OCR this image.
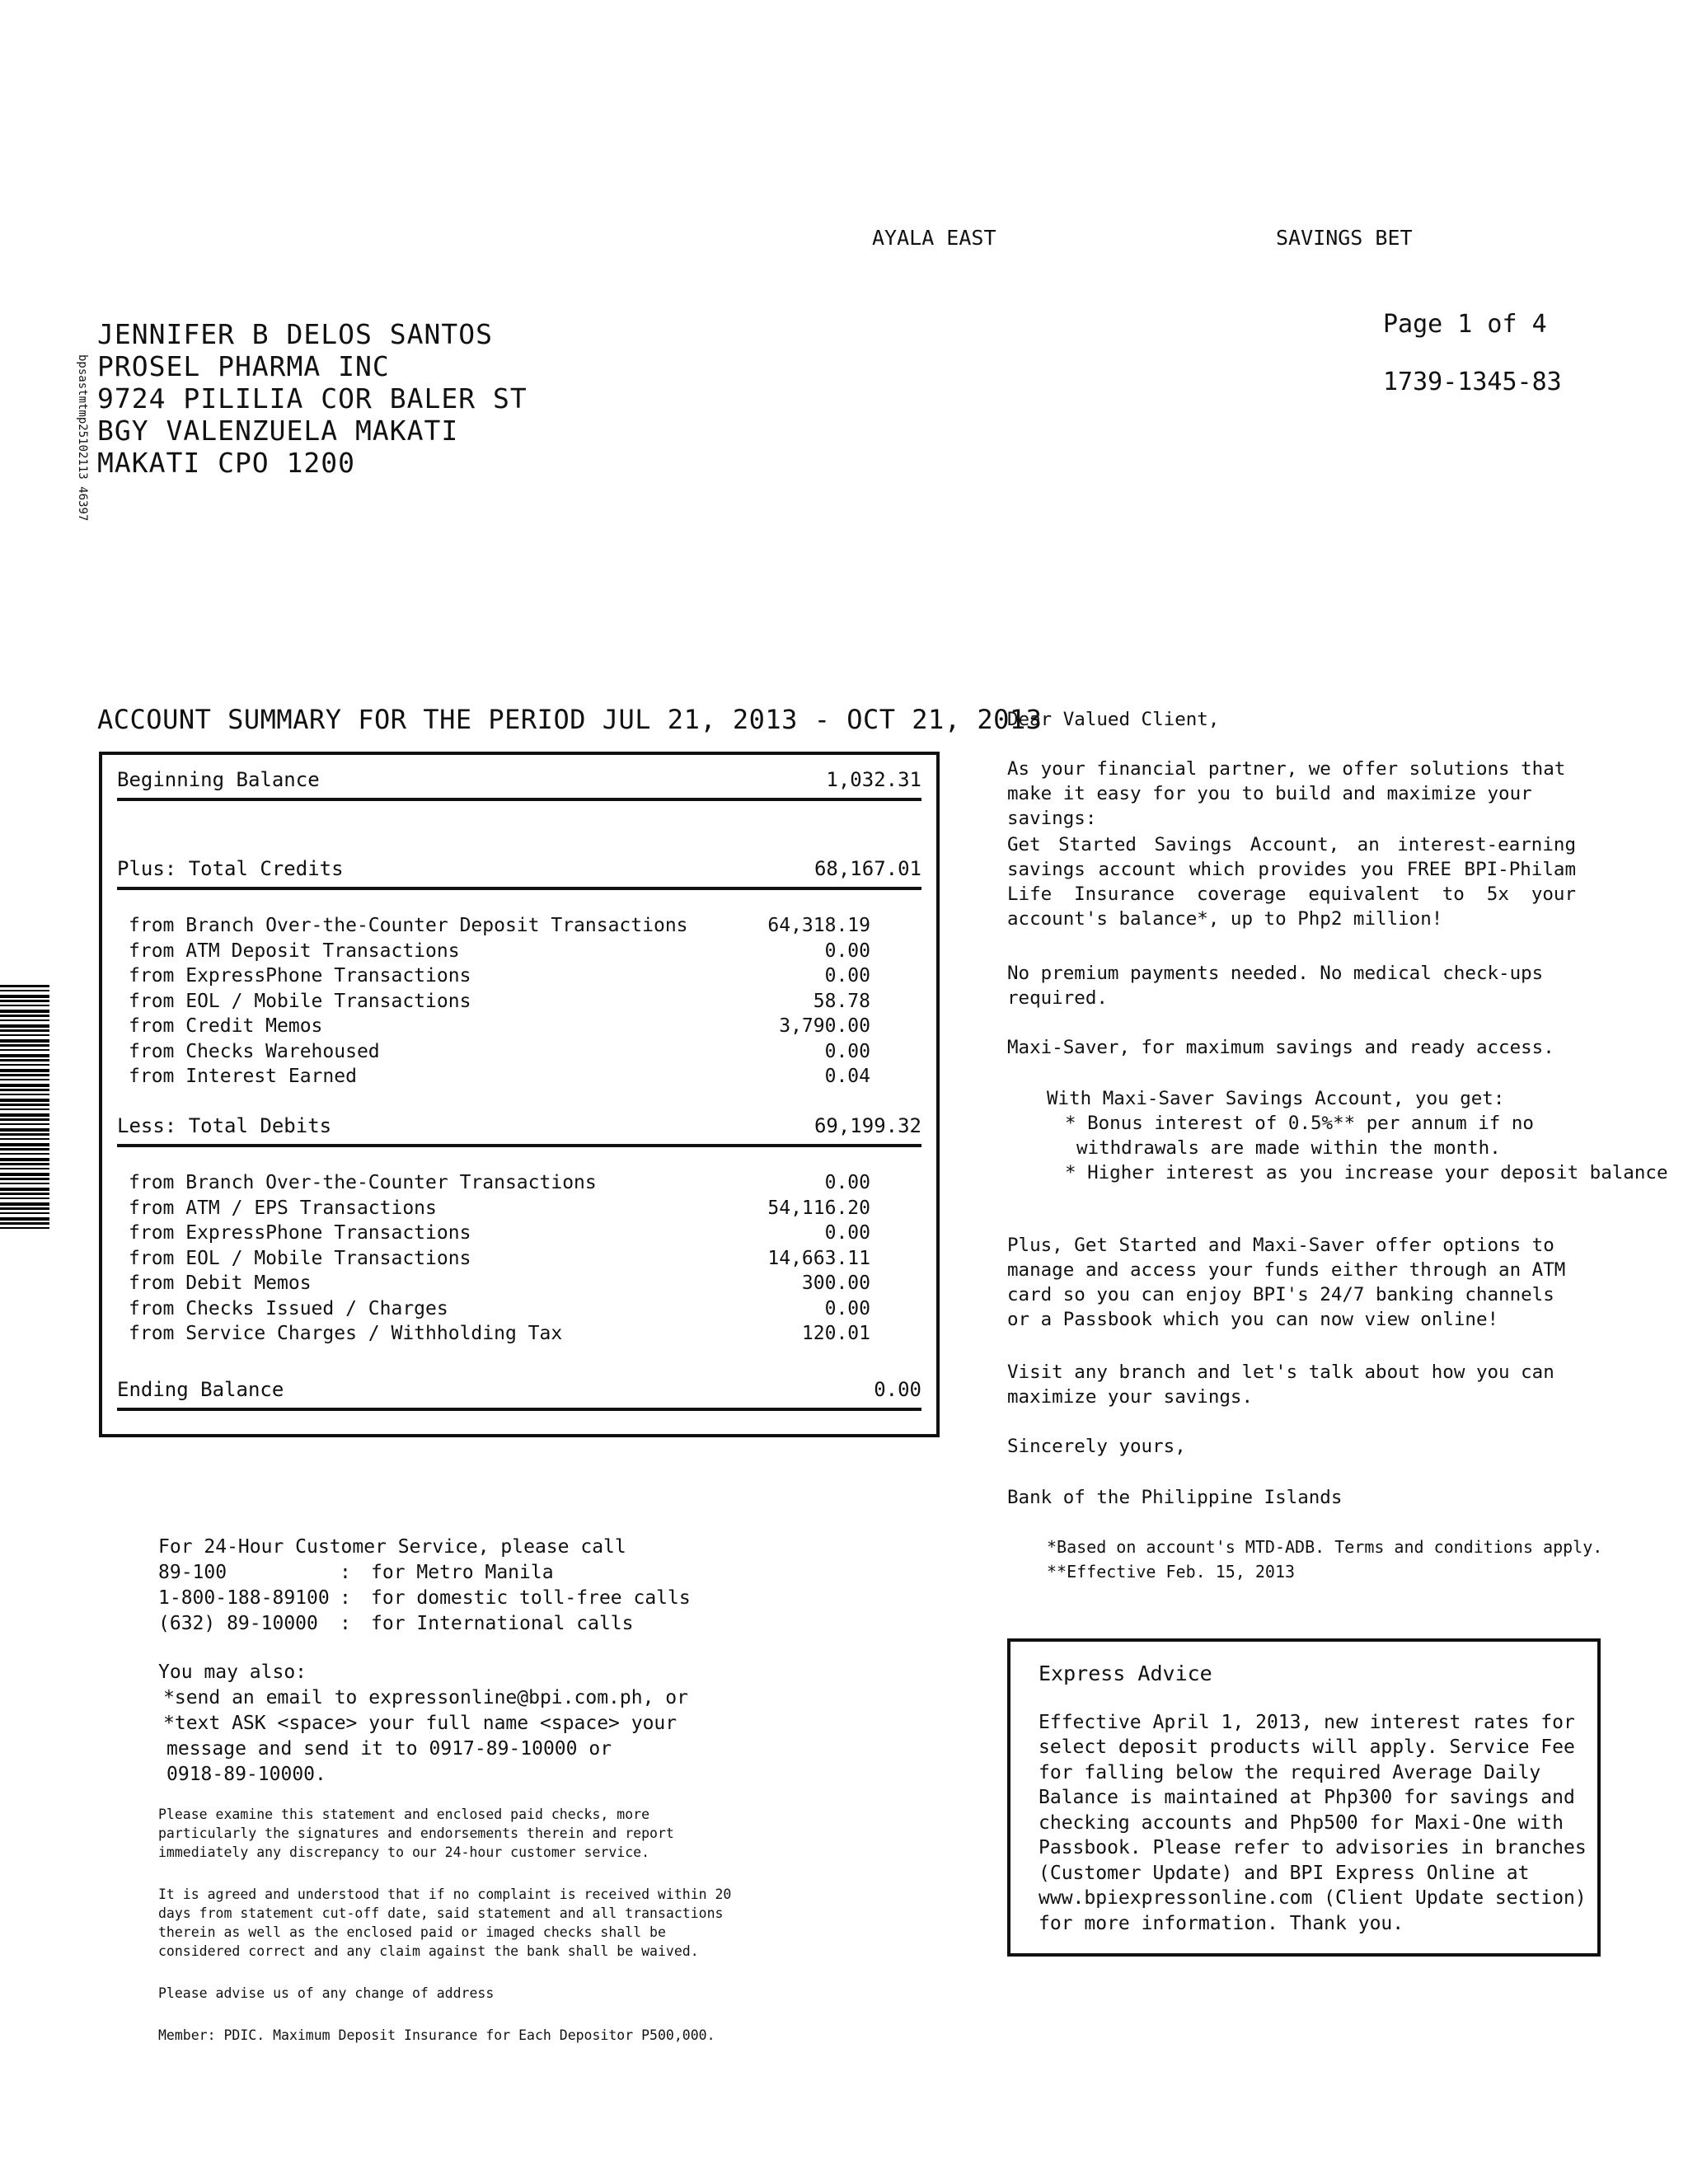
AYALA EAST	SAVINGS BET
Page 1 of 4
1739-1345-83
bpsastmtmp25102113 46397
JENNIFER B DELOS SANTOS
PROSEL PHARMA INC
9724 PILILIA COR BALER ST
BGY VALENZUELA MAKATI
MAKATI CPO 1200
ACCOUNT SUMMARY FOR THE PERIOD JUL 21, 2013 - OCT 21, 2013
Beginning Balance	1,032.31
Plus: Total Credits	68,167.01
from Branch Over-the-Counter Deposit Transactions	64,318.19
from ATM Deposit Transactions	0.00
from ExpressPhone Transactions	0.00
from EOL / Mobile Transactions	58.78
from Credit Memos	3,790.00
from Checks Warehoused	0.00
from Interest Earned	0.04
Less: Total Debits	69,199.32
from Branch Over-the-Counter Transactions	0.00
from ATM / EPS Transactions	54,116.20
from ExpressPhone Transactions	0.00
from EOL / Mobile Transactions	14,663.11
from Debit Memos	300.00
from Checks Issued / Charges	0.00
from Service Charges / Withholding Tax	120.01
Ending Balance	0.00
Dear Valued Client,
As your financial partner, we offer solutions that make it easy for you to build and maximize your savings:
Get Started Savings Account, an interest-earning savings account which provides you FREE BPI-Philam Life Insurance coverage equivalent to 5x your account's balance*, up to Php2 million!
No premium payments needed. No medical check-ups required.
Maxi-Saver, for maximum savings and ready access.
With Maxi-Saver Savings Account, you get:
* Bonus interest of 0.5%** per annum if no
withdrawals are made within the month.
* Higher interest as you increase your deposit balance
Plus, Get Started and Maxi-Saver offer options to manage and access your funds either through an ATM card so you can enjoy BPI's 24/7 banking channels or a Passbook which you can now view online!
Visit any branch and let's talk about how you can maximize your savings.
Sincerely yours,
Bank of the Philippine Islands
*Based on account's MTD-ADB. Terms and conditions apply.
**Effective Feb. 15, 2013
For 24-Hour Customer Service, please call
89-100	:	for Metro Manila
1-800-188-89100 :	for domestic toll-free calls
(632) 89-10000	:	for International calls
You may also:
*send an email to expressonline@bpi.com.ph, or
*text ASK <space> your full name <space> your
message and send it to 0917-89-10000 or
0918-89-10000.

Please examine this statement and enclosed paid checks, more particularly the signatures and endorsements therein and report immediately any discrepancy to our 24-hour customer service.

It is agreed and understood that if no complaint is received within 20 days from statement cut-off date, said statement and all transactions therein as well as the enclosed paid or imaged checks shall be considered correct and any claim against the bank shall be waived.

Please advise us of any change of address

Member: PDIC. Maximum Deposit Insurance for Each Depositor P500,000.

Express Advice
Effective April 1, 2013, new interest rates for select deposit products will apply. Service Fee for falling below the required Average Daily Balance is maintained at Php300 for savings and checking accounts and Php500 for Maxi-One with Passbook. Please refer to advisories in branches (Customer Update) and BPI Express Online at www.bpiexpressonline.com (Client Update section) for more information. Thank you.
